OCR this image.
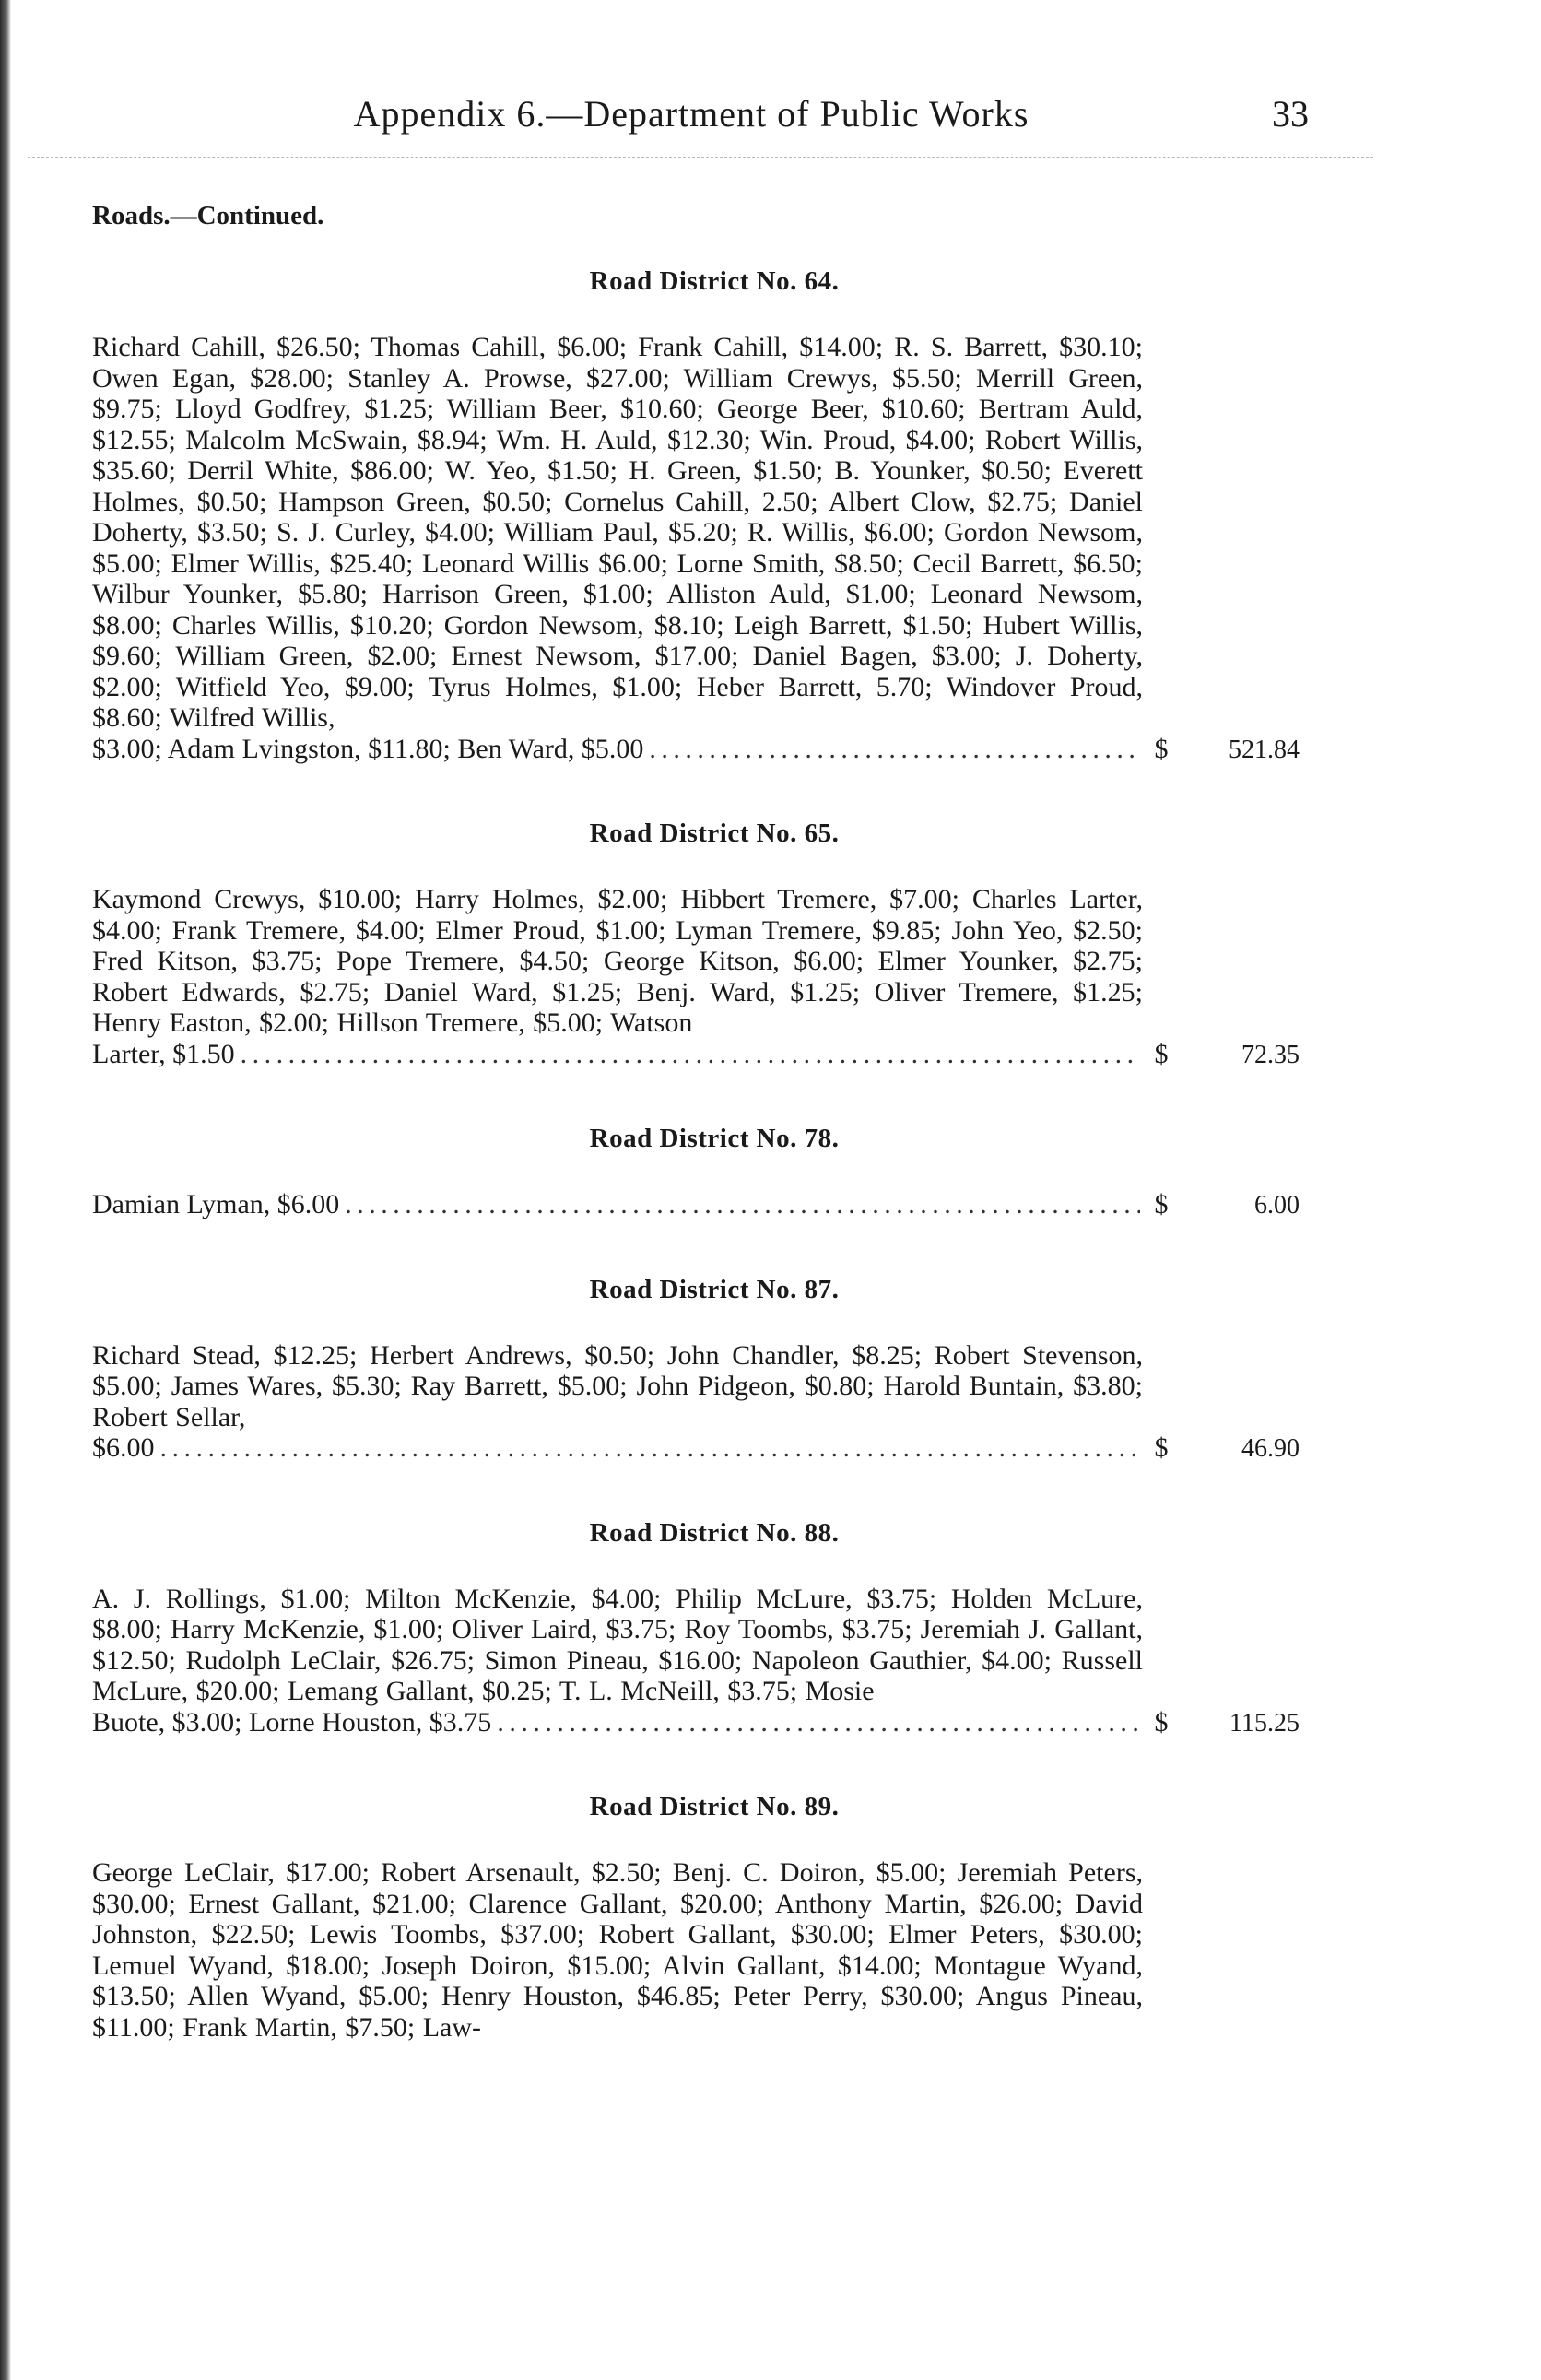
Appendix 6.—Department of Public Works	33
Roads.—Continued.
Road District No. 64.
Richard Cahill, $26.50; Thomas Cahill, $6.00; Frank Cahill, $14.00; R. S. Barrett, $30.10; Owen Egan, $28.00; Stanley A. Prowse, $27.00; William Crewys, $5.50; Merrill Green, $9.75; Lloyd Godfrey, $1.25; William Beer, $10.60; George Beer, $10.60; Bertram Auld, $12.55; Malcolm McSwain, $8.94; Wm. H. Auld, $12.30; Win. Proud, $4.00; Robert Willis, $35.60; Derril White, $86.00; W. Yeo, $1.50; H. Green, $1.50; B. Younker, $0.50; Everett Holmes, $0.50; Hampson Green, $0.50; Cornelus Cahill, 2.50; Albert Clow, $2.75; Daniel Doherty, $3.50; S. J. Curley, $4.00; William Paul, $5.20; R. Willis, $6.00; Gordon Newsom, $5.00; Elmer Willis, $25.40; Leonard Willis $6.00; Lorne Smith, $8.50; Cecil Barrett, $6.50; Wilbur Younker, $5.80; Harrison Green, $1.00; Alliston Auld, $1.00; Leonard Newsom, $8.00; Charles Willis, $10.20; Gordon Newsom, $8.10; Leigh Barrett, $1.50; Hubert Willis, $9.60; William Green, $2.00; Ernest Newsom, $17.00; Daniel Bagen, $3.00; J. Doherty, $2.00; Witfield Yeo, $9.00; Tyrus Holmes, $1.00; Heber Barrett, 5.70; Windover Proud, $8.60; Wilfred Willis,
$3.00; Adam Lvingston, $11.80; Ben Ward, $5.00 . . .	$	521.84
Road District No. 65.
Kaymond Crewys, $10.00; Harry Holmes, $2.00; Hibbert Tremere, $7.00; Charles Larter, $4.00; Frank Tremere, $4.00; Elmer Proud, $1.00; Lyman Tremere, $9.85; John Yeo, $2.50; Fred Kitson, $3.75; Pope Tremere, $4.50; George Kitson, $6.00; Elmer Younker, $2.75; Robert Edwards, $2.75; Daniel Ward, $1.25; Benj. Ward, $1.25; Oliver Tremere, $1.25; Henry Easton, $2.00; Hillson Tremere, $5.00; Watson
Larter, $1.50 . . .	$	72.35
Road District No. 78.
Damian Lyman, $6.00 . . .	$	6.00
Road District No. 87.
Richard Stead, $12.25; Herbert Andrews, $0.50; John Chandler, $8.25; Robert Stevenson, $5.00; James Wares, $5.30; Ray Barrett, $5.00; John Pidgeon, $0.80; Harold Buntain, $3.80; Robert Sellar,
$6.00 . . .	$	46.90
Road District No. 88.
A. J. Rollings, $1.00; Milton McKenzie, $4.00; Philip McLure, $3.75; Holden McLure, $8.00; Harry McKenzie, $1.00; Oliver Laird, $3.75; Roy Toombs, $3.75; Jeremiah J. Gallant, $12.50; Rudolph LeClair, $26.75; Simon Pineau, $16.00; Napoleon Gauthier, $4.00; Russell McLure, $20.00; Lemang Gallant, $0.25; T. L. McNeill, $3.75; Mosie
Buote, $3.00; Lorne Houston, $3.75 . . .	$	115.25
Road District No. 89.
George LeClair, $17.00; Robert Arsenault, $2.50; Benj. C. Doiron, $5.00; Jeremiah Peters, $30.00; Ernest Gallant, $21.00; Clarence Gallant, $20.00; Anthony Martin, $26.00; David Johnston, $22.50; Lewis Toombs, $37.00; Robert Gallant, $30.00; Elmer Peters, $30.00; Lemuel Wyand, $18.00; Joseph Doiron, $15.00; Alvin Gallant, $14.00; Montague Wyand, $13.50; Allen Wyand, $5.00; Henry Houston, $46.85; Peter Perry, $30.00; Angus Pineau, $11.00; Frank Martin, $7.50; Law-
